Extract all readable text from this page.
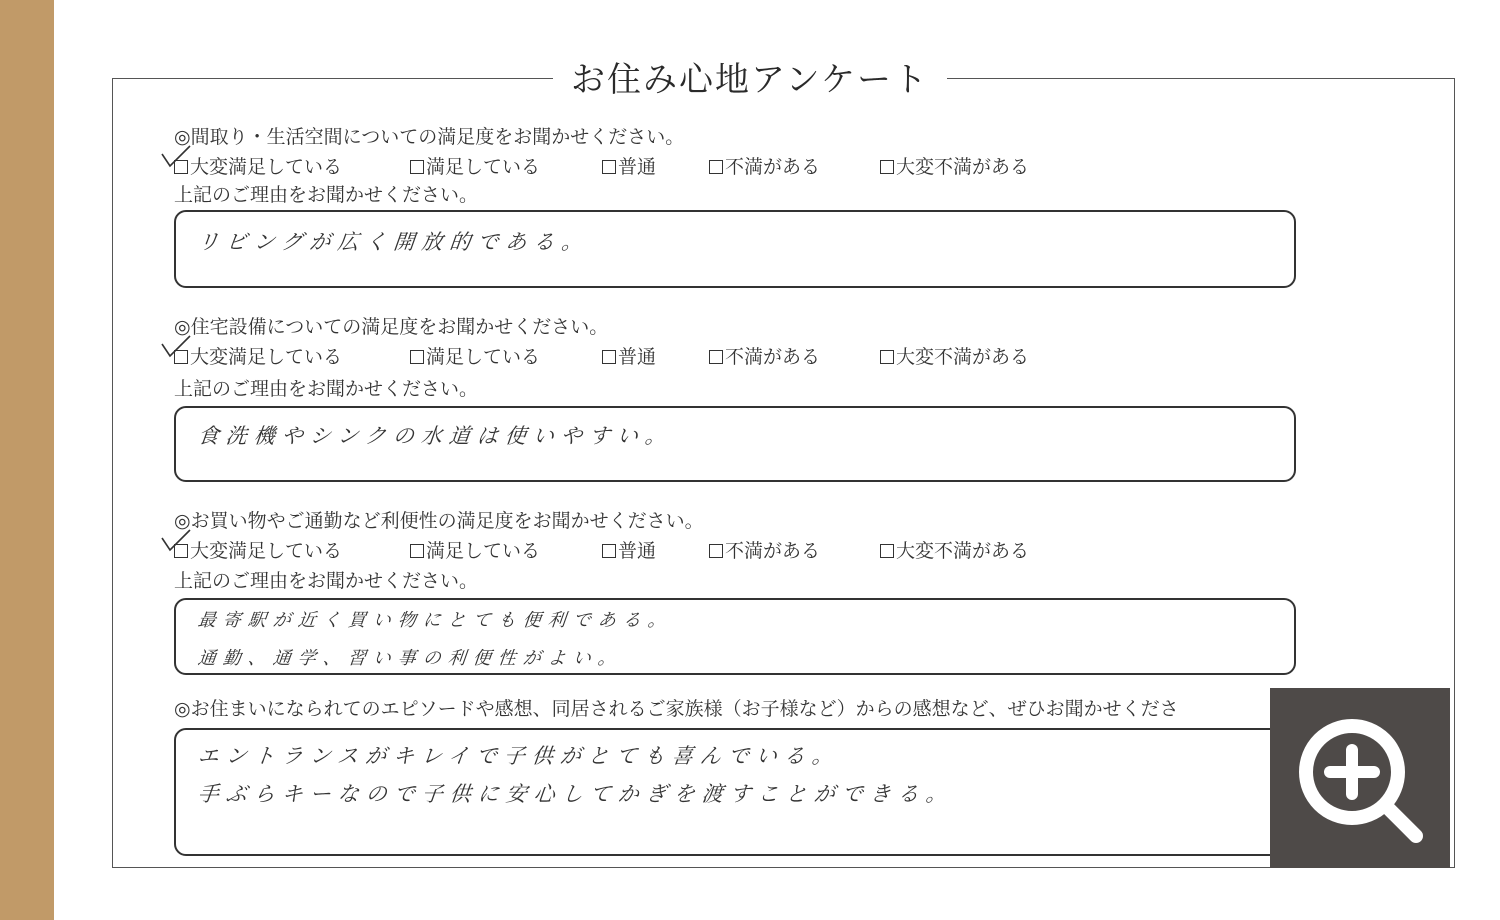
お住み心地アンケート
◎間取り・生活空間についての満足度をお聞かせください。
大変満足している	満足している	普通	不満がある	大変不満がある
上記のご理由をお聞かせください。
リビングが広く開放的である。
◎住宅設備についての満足度をお聞かせください。
大変満足している	満足している	普通	不満がある	大変不満がある
上記のご理由をお聞かせください。
食洗機やシンクの水道は使いやすい。
◎お買い物やご通勤など利便性の満足度をお聞かせください。
大変満足している	満足している	普通	不満がある	大変不満がある
上記のご理由をお聞かせください。
最寄駅が近く買い物にとても便利である。
通勤、通学、習い事の利便性がよい。
◎お住まいになられてのエピソードや感想、同居されるご家族様（お子様など）からの感想など、ぜひお聞かせくださ
エントランスがキレイで子供がとても喜んでいる。
手ぶらキーなので子供に安心してかぎを渡すことができる。
